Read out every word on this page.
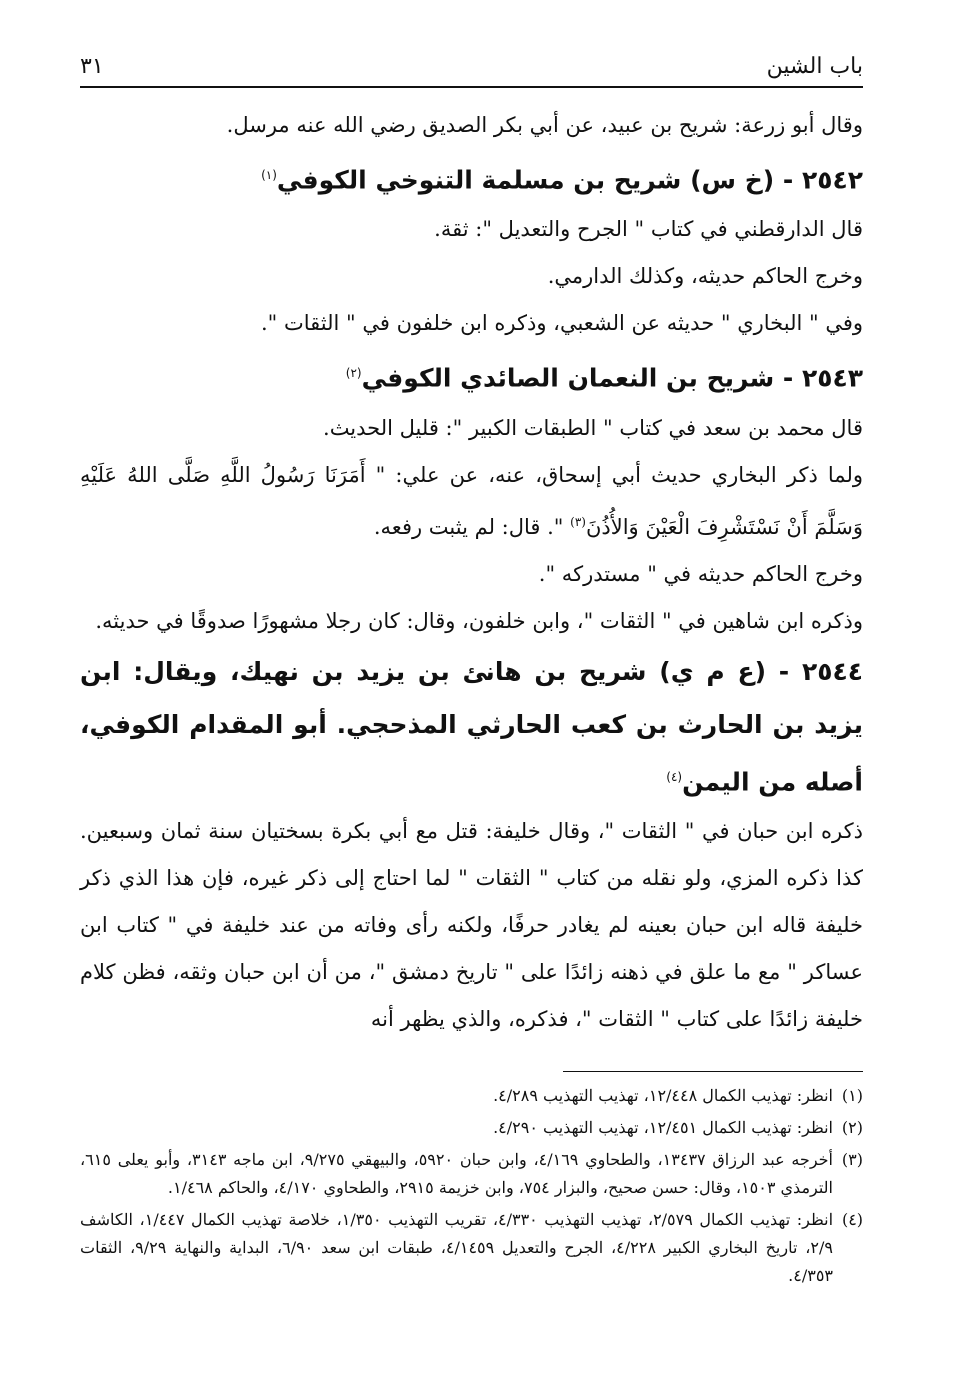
باب الشين
٣١

وقال أبو زرعة: شريح بن عبيد، عن أبي بكر الصديق رضي الله عنه مرسل.

٢٥٤٢ - (خ س) شريح بن مسلمة التنوخي الكوفي$^{(١)}$

قال الدارقطني في كتاب " الجرح والتعديل ": ثقة.

وخرج الحاكم حديثه، وكذلك الدارمي.

وفي " البخاري " حديثه عن الشعبي، وذكره ابن خلفون في " الثقات ".

٢٥٤٣ - شريح بن النعمان الصائدي الكوفي$^{(٢)}$

قال محمد بن سعد في كتاب " الطبقات الكبير ": قليل الحديث.

ولما ذكر البخاري حديث أبي إسحاق، عنه، عن علي: " أَمَرَنَا رَسُولُ اللَّهِ صَلَّى اللهُ عَلَيْهِ وَسَلَّمَ أَنْ نَسْتَشْرِفَ الْعَيْنَ وَالأُذُنَ$^{(٣)}$ ". قال: لم يثبت رفعه.

وخرج الحاكم حديثه في " مستدركه ".

وذكره ابن شاهين في " الثقات "، وابن خلفون، وقال: كان رجلا مشهورًا صدوقًا في حديثه.

٢٥٤٤ - (ع م ي) شريح بن هانئ بن يزيد بن نهيك، ويقال: ابن يزيد بن الحارث بن كعب الحارثي المذحجي. أبو المقدام الكوفي، أصله من اليمن$^{(٤)}$

ذكره ابن حبان في " الثقات "، وقال خليفة: قتل مع أبي بكرة بسختيان سنة ثمان وسبعين. كذا ذكره المزي، ولو نقله من كتاب " الثقات " لما احتاج إلى ذكر غيره، فإن هذا الذي ذكر خليفة قاله ابن حبان بعينه لم يغادر حرفًا، ولكنه رأى وفاته من عند خليفة في " كتاب ابن عساكر " مع ما علق في ذهنه زائدًا على " تاريخ دمشق "، من أن ابن حبان وثقه، فظن كلام خليفة زائدًا على كتاب " الثقات "، فذكره، والذي يظهر أنه

(١)انظر: تهذيب الكمال ١٢/٤٤٨، تهذيب التهذيب ٤/٢٨٩.

(٢)انظر: تهذيب الكمال ١٢/٤٥١، تهذيب التهذيب ٤/٢٩٠.

(٣)أخرجه عبد الرزاق ١٣٤٣٧، والطحاوي ٤/١٦٩، وابن حبان ٥٩٢٠، والبيهقي ٩/٢٧٥، ابن ماجه ٣١٤٣، وأبو يعلى ٦١٥، الترمذي ١٥٠٣، وقال: حسن صحيح، والبزار ٧٥٤، وابن خزيمة ٢٩١٥، والطحاوي ٤/١٧٠، والحاكم ١/٤٦٨.

(٤)انظر: تهذيب الكمال ٢/٥٧٩، تهذيب التهذيب ٤/٣٣٠، تقريب التهذيب ١/٣٥٠، خلاصة تهذيب الكمال ١/٤٤٧، الكاشف ٢/٩، تاريخ البخاري الكبير ٤/٢٢٨، الجرح والتعديل ٤/١٤٥٩، طبقات ابن سعد ٦/٩٠، البداية والنهاية ٩/٢٩، الثقات ٤/٣٥٣.
